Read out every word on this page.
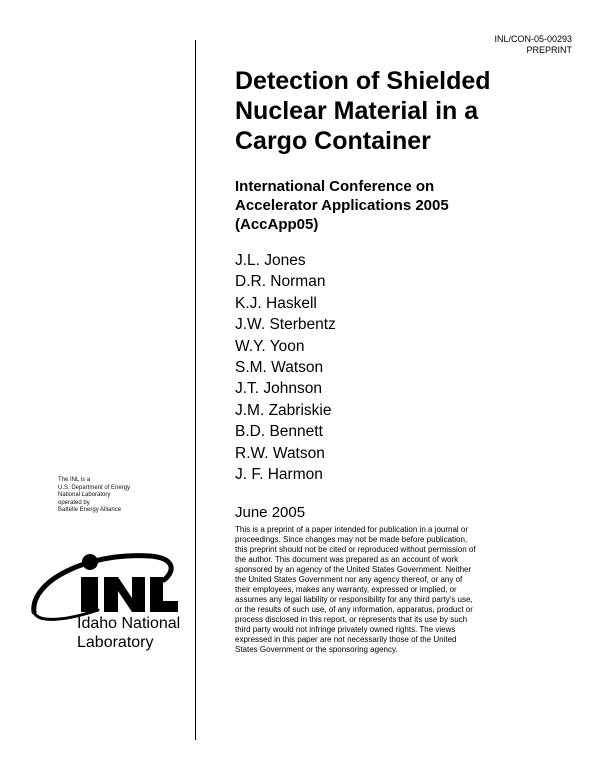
INL/CON-05-00293
PREPRINT
Detection of Shielded
Nuclear Material in a
Cargo Container
International Conference on
Accelerator Applications 2005
(AccApp05)
J.L. Jones
D.R. Norman
K.J. Haskell
J.W. Sterbentz
W.Y. Yoon
S.M. Watson
J.T. Johnson
J.M. Zabriskie
B.D. Bennett
R.W. Watson
J. F. Harmon
June 2005
This is a preprint of a paper intended for publication in a journal or
proceedings. Since changes may not be made before publication,
this preprint should not be cited or reproduced without permission of
the author. This document was prepared as an account of work
sponsored by an agency of the United States Government. Neither
the United States Government nor any agency thereof, or any of
their employees, makes any warranty, expressed or implied, or
assumes any legal liability or responsibility for any third party's use,
or the results of such use, of any information, apparatus, product or
process disclosed in this report, or represents that its use by such
third party would not infringe privately owned rights. The views
expressed in this paper are not necessarily those of the United
States Government or the sponsoring agency.
The INL is a
U.S. Department of Energy
National Laboratory
operated by
Battelle Energy Alliance
INL
Idaho National
Laboratory
